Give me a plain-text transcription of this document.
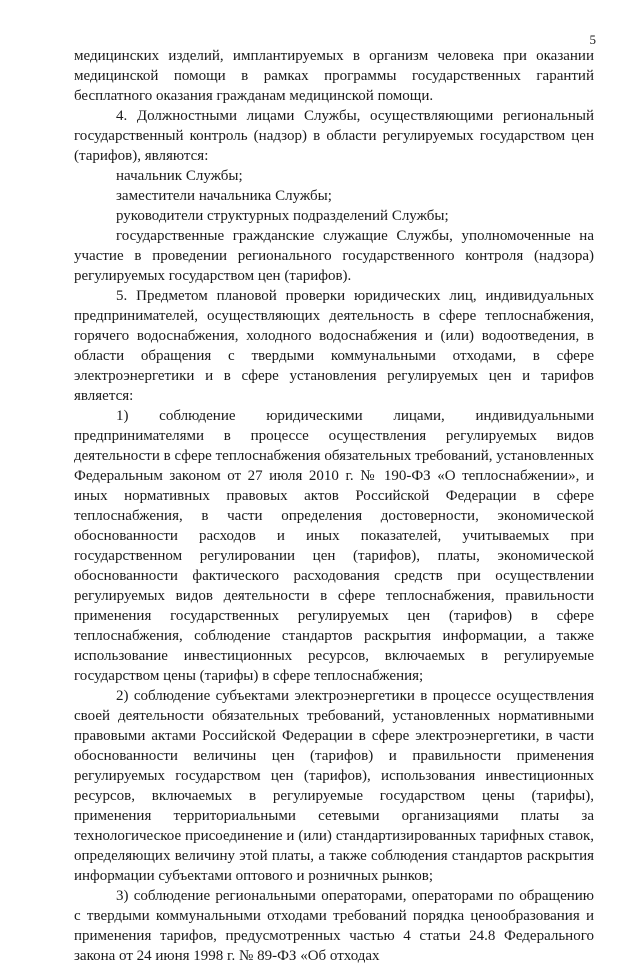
5

медицинских изделий, имплантируемых в организм человека при оказании медицинской помощи в рамках программы государственных гарантий бесплатного оказания гражданам медицинской помощи.

4. Должностными лицами Службы, осуществляющими региональный государственный контроль (надзор) в области регулируемых государством цен (тарифов), являются:

начальник Службы;

заместители начальника Службы;

руководители структурных подразделений Службы;

государственные гражданские служащие Службы, уполномоченные на участие в проведении регионального государственного контроля (надзора) регулируемых государством цен (тарифов).

5. Предметом плановой проверки юридических лиц, индивидуальных предпринимателей, осуществляющих деятельность в сфере теплоснабжения, горячего водоснабжения, холодного водоснабжения и (или) водоотведения, в области обращения с твердыми коммунальными отходами, в сфере электроэнергетики и в сфере установления регулируемых цен и тарифов является:

1) соблюдение юридическими лицами, индивидуальными предпринимателями в процессе осуществления регулируемых видов деятельности в сфере теплоснабжения обязательных требований, установленных Федеральным законом от 27 июля 2010 г. № 190-ФЗ «О теплоснабжении», и иных нормативных правовых актов Российской Федерации в сфере теплоснабжения, в части определения достоверности, экономической обоснованности расходов и иных показателей, учитываемых при государственном регулировании цен (тарифов), платы, экономической обоснованности фактического расходования средств при осуществлении регулируемых видов деятельности в сфере теплоснабжения, правильности применения государственных регулируемых цен (тарифов) в сфере теплоснабжения, соблюдение стандартов раскрытия информации, а также использование инвестиционных ресурсов, включаемых в регулируемые государством цены (тарифы) в сфере теплоснабжения;

2) соблюдение субъектами электроэнергетики в процессе осуществления своей деятельности обязательных требований, установленных нормативными правовыми актами Российской Федерации в сфере электроэнергетики, в части обоснованности величины цен (тарифов) и правильности применения регулируемых государством цен (тарифов), использования инвестиционных ресурсов, включаемых в регулируемые государством цены (тарифы), применения территориальными сетевыми организациями платы за технологическое присоединение и (или) стандартизированных тарифных ставок, определяющих величину этой платы, а также соблюдения стандартов раскрытия информации субъектами оптового и розничных рынков;

3) соблюдение региональными операторами, операторами по обращению с твердыми коммунальными отходами требований порядка ценообразования и применения тарифов, предусмотренных частью 4 статьи 24.8 Федерального закона от 24 июня 1998 г. № 89-ФЗ «Об отходах
